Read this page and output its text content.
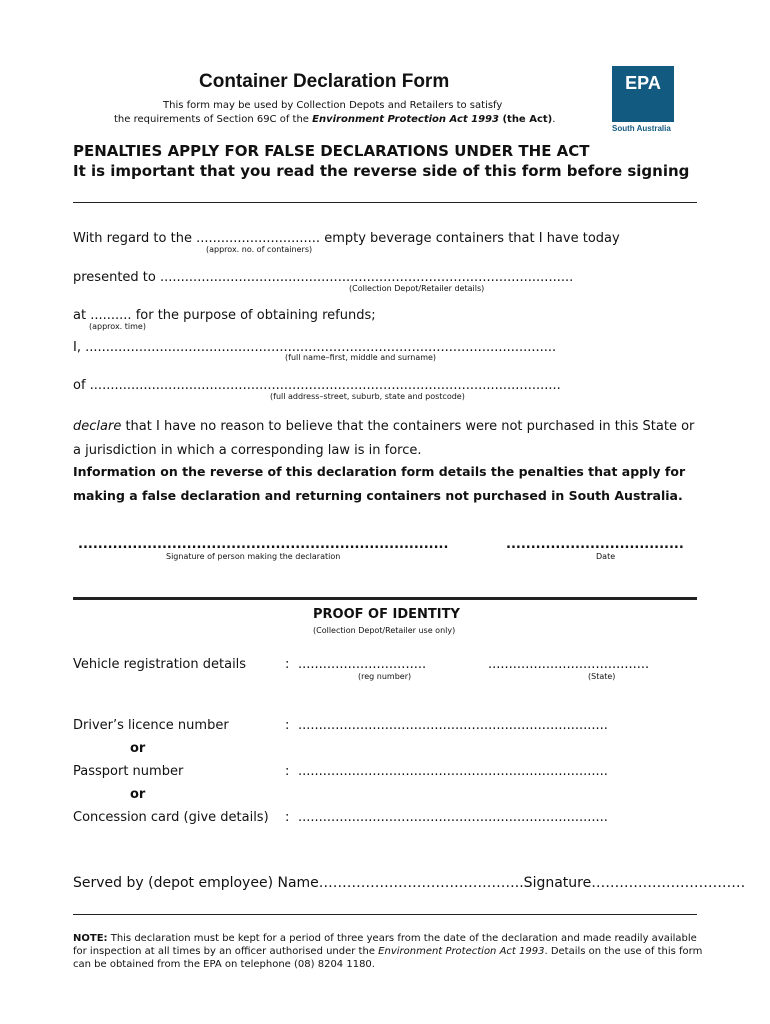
Container Declaration Form
This form may be used by Collection Depots and Retailers to satisfy
the requirements of Section 69C of the Environment Protection Act 1993 (the Act).
EPA
South Australia
PENALTIES APPLY FOR FALSE DECLARATIONS UNDER THE ACT
It is important that you read the reverse side of this form before signing
With regard to the .............................. empty beverage containers that I have today
(approx. no. of containers)
presented to ....................................................................................................
(Collection Depot/Retailer details)
at .......... for the purpose of obtaining refunds;
(approx. time)
I, ..................................................................................................................
(full name–first, middle and surname)
of ..................................................................................................................
(full address–street, suburb, state and postcode)
declare that I have no reason to believe that the containers were not purchased in this State or a jurisdiction in which a corresponding law is in force.
Information on the reverse of this declaration form details the penalties that apply for making a false declaration and returning containers not purchased in South Australia.
...........................................................................
Signature of person making the declaration
....................................
Date
PROOF OF IDENTITY
(Collection Depot/Retailer use only)
Vehicle registration details	: ...............................
(reg number)
.......................................
(State)
Driver’s licence number	: ...........................................................................
or
Passport number	: ...........................................................................
or
Concession card (give details) : ...........................................................................
Served by (depot employee) Name……………………………………..Signature……………………………
NOTE: This declaration must be kept for a period of three years from the date of the declaration and made readily available for inspection at all times by an officer authorised under the Environment Protection Act 1993. Details on the use of this form can be obtained from the EPA on telephone (08) 8204 1180.
